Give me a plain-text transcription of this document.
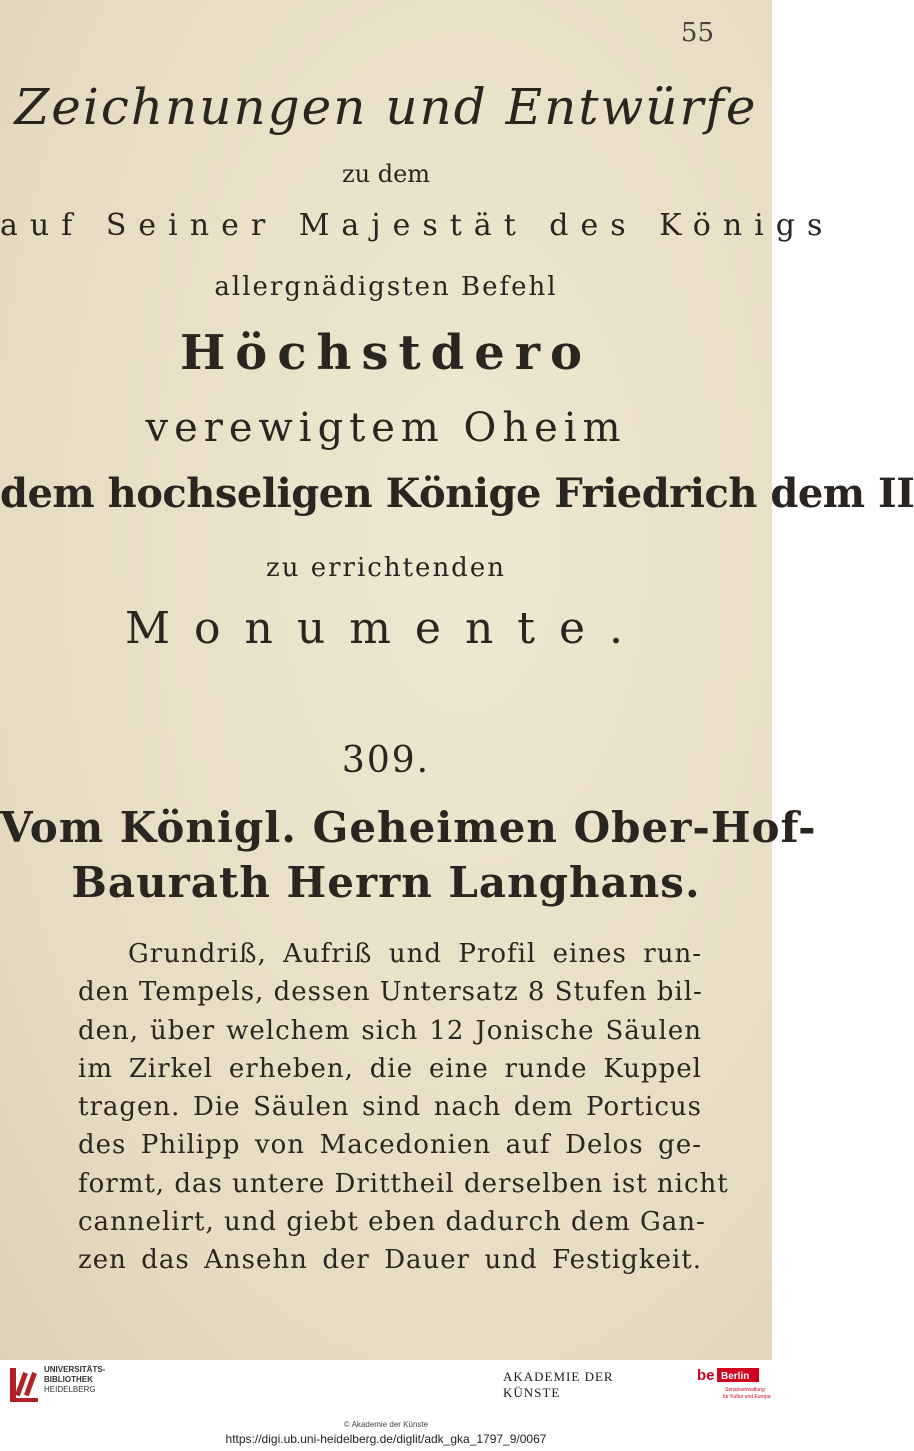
55
Zeichnungen und Entwürfe
zu dem
auf Seiner Majestät des Königs
allergnädigsten Befehl
Höchstdero
verewigtem Oheim
dem hochseligen Könige Friedrich dem II
zu errichtenden
Monumente.
309.
Vom Königl. Geheimen Ober-Hof-
Baurath Herrn Langhans.
Grundriß, Aufriß und Profil eines run-
den Tempels, dessen Untersatz 8 Stufen bil-
den, über welchem sich 12 Jonische Säulen
im Zirkel erheben, die eine runde Kuppel
tragen. Die Säulen sind nach dem Porticus
des Philipp von Macedonien auf Delos ge-
formt, das untere Drittheil derselben ist nicht
cannelirt, und giebt eben dadurch dem Gan-
zen das Ansehn der Dauer und Festigkeit.
UNIVERSITÄTS-
BIBLIOTHEK
HEIDELBERG
AKADEMIE DER KÜNSTE
be Berlin
Senatsverwaltung
für Kultur und Europa
© Akademie der Künste
https://digi.ub.uni-heidelberg.de/diglit/adk_gka_1797_9/0067
